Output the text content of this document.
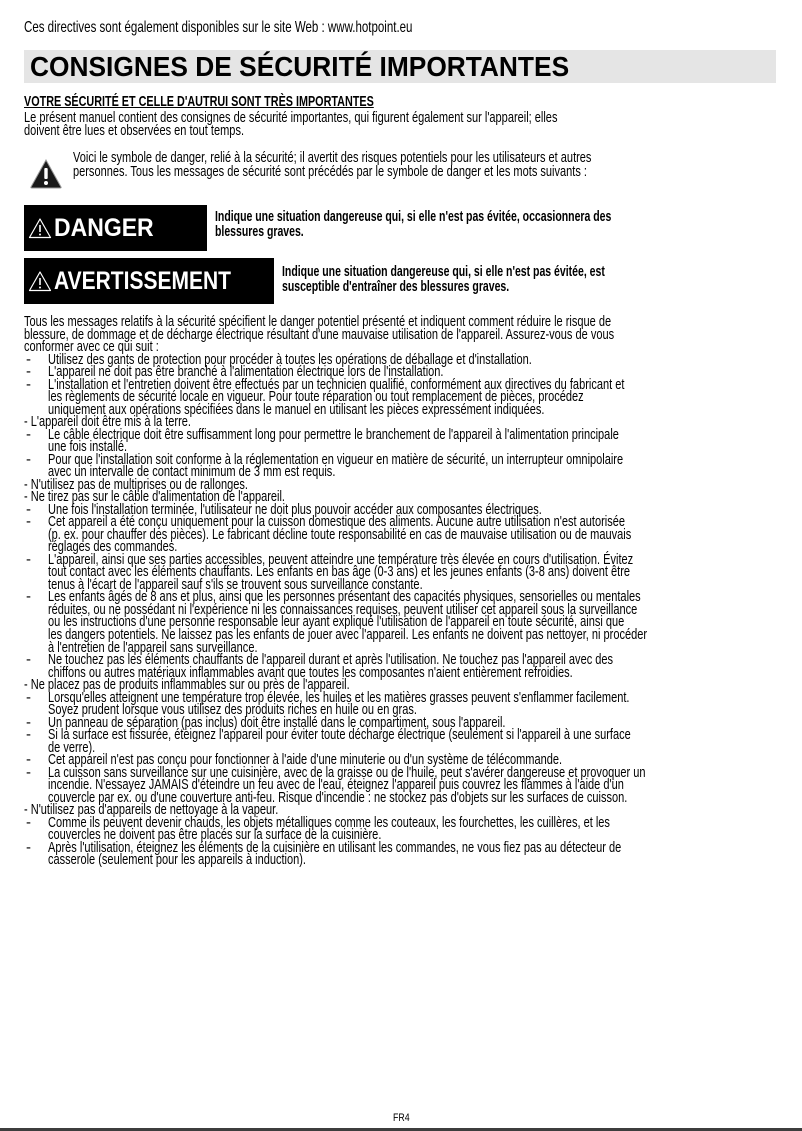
Ces directives sont également disponibles sur le site Web : www.hotpoint.eu
CONSIGNES DE SÉCURITÉ IMPORTANTES
VOTRE SÉCURITÉ ET CELLE D'AUTRUI SONT TRÈS IMPORTANTES
Le présent manuel contient des consignes de sécurité importantes, qui figurent également sur l'appareil; elles
doivent être lues et observées en tout temps.
Voici le symbole de danger, relié à la sécurité; il avertit des risques potentiels pour les utilisateurs et autres
personnes. Tous les messages de sécurité sont précédés par le symbole de danger et les mots suivants :
DANGER	Indique une situation dangereuse qui, si elle n'est pas évitée, occasionnera des
blessures graves.
AVERTISSEMENT	Indique une situation dangereuse qui, si elle n'est pas évitée, est
susceptible d'entraîner des blessures graves.
Tous les messages relatifs à la sécurité spécifient le danger potentiel présenté et indiquent comment réduire le risque de
blessure, de dommage et de décharge électrique résultant d'une mauvaise utilisation de l'appareil. Assurez-vous de vous
conformer avec ce qui suit :
- Utilisez des gants de protection pour procéder à toutes les opérations de déballage et d'installation.
- L'appareil ne doit pas être branché à l'alimentation électrique lors de l'installation.
- L'installation et l'entretien doivent être effectués par un technicien qualifié, conformément aux directives du fabricant et
les règlements de sécurité locale en vigueur. Pour toute réparation ou tout remplacement de pièces, procédez
uniquement aux opérations spécifiées dans le manuel en utilisant les pièces expressément indiquées.
- L'appareil doit être mis à la terre.
- Le câble électrique doit être suffisamment long pour permettre le branchement de l'appareil à l'alimentation principale
une fois installé.
- Pour que l'installation soit conforme à la réglementation en vigueur en matière de sécurité, un interrupteur omnipolaire
avec un intervalle de contact minimum de 3 mm est requis.
- N'utilisez pas de multiprises ou de rallonges.
- Ne tirez pas sur le câble d'alimentation de l'appareil.
- Une fois l'installation terminée, l'utilisateur ne doit plus pouvoir accéder aux composantes électriques.
- Cet appareil a été conçu uniquement pour la cuisson domestique des aliments. Aucune autre utilisation n'est autorisée
(p. ex. pour chauffer des pièces). Le fabricant décline toute responsabilité en cas de mauvaise utilisation ou de mauvais
réglages des commandes.
- L'appareil, ainsi que ses parties accessibles, peuvent atteindre une température très élevée en cours d'utilisation. Évitez
tout contact avec les éléments chauffants. Les enfants en bas âge (0-3 ans) et les jeunes enfants (3-8 ans) doivent être
tenus à l'écart de l'appareil sauf s'ils se trouvent sous surveillance constante.
- Les enfants âgés de 8 ans et plus, ainsi que les personnes présentant des capacités physiques, sensorielles ou mentales
réduites, ou ne possédant ni l'expérience ni les connaissances requises, peuvent utiliser cet appareil sous la surveillance
ou les instructions d'une personne responsable leur ayant expliqué l'utilisation de l'appareil en toute sécurité, ainsi que
les dangers potentiels. Ne laissez pas les enfants de jouer avec l'appareil. Les enfants ne doivent pas nettoyer, ni procéder
à l'entretien de l'appareil sans surveillance.
- Ne touchez pas les éléments chauffants de l'appareil durant et après l'utilisation. Ne touchez pas l'appareil avec des
chiffons ou autres matériaux inflammables avant que toutes les composantes n'aient entièrement refroidies.
- Ne placez pas de produits inflammables sur ou près de l'appareil.
- Lorsqu'elles atteignent une température trop élevée, les huiles et les matières grasses peuvent s'enflammer facilement.
Soyez prudent lorsque vous utilisez des produits riches en huile ou en gras.
- Un panneau de séparation (pas inclus) doit être installé dans le compartiment, sous l'appareil.
- Si la surface est fissurée, éteignez l'appareil pour éviter toute décharge électrique (seulement si l'appareil à une surface
de verre).
- Cet appareil n'est pas conçu pour fonctionner à l'aide d'une minuterie ou d'un système de télécommande.
- La cuisson sans surveillance sur une cuisinière, avec de la graisse ou de l'huile, peut s'avérer dangereuse et provoquer un
incendie. N'essayez JAMAIS d'éteindre un feu avec de l'eau, éteignez l'appareil puis couvrez les flammes à l'aide d'un
couvercle par ex. ou d'une couverture anti-feu. Risque d'incendie : ne stockez pas d'objets sur les surfaces de cuisson.
- N'utilisez pas d'appareils de nettoyage à la vapeur.
- Comme ils peuvent devenir chauds, les objets métalliques comme les couteaux, les fourchettes, les cuillères, et les
couvercles ne doivent pas être placés sur la surface de la cuisinière.
- Après l'utilisation, éteignez les éléments de la cuisinière en utilisant les commandes, ne vous fiez pas au détecteur de
casserole (seulement pour les appareils à induction).
FR4
